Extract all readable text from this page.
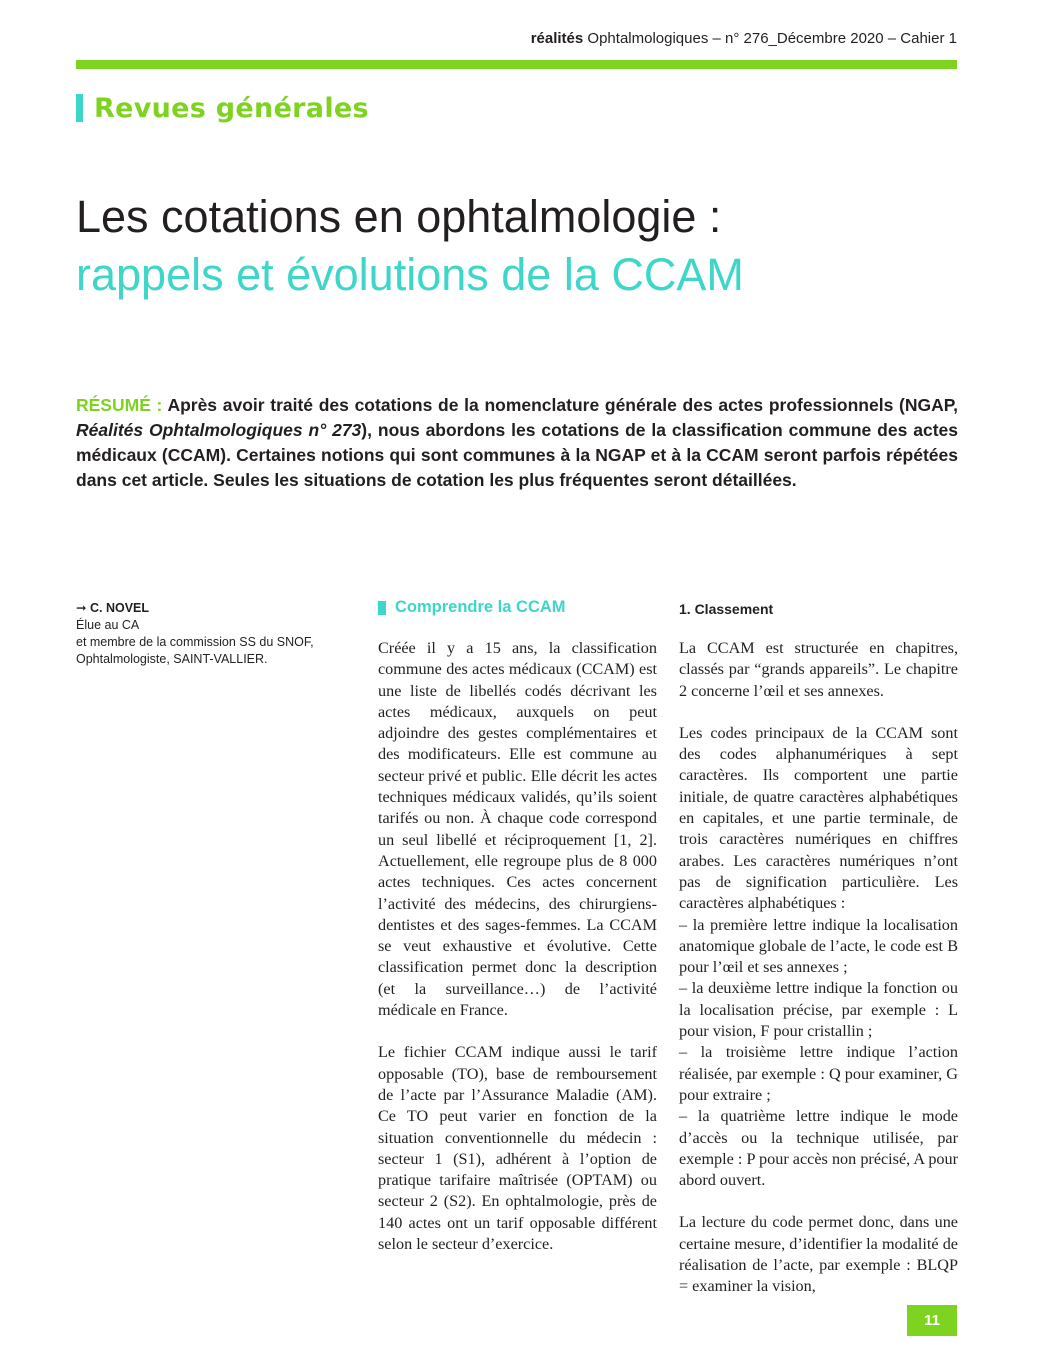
réalités Ophtalmologiques – n° 276_Décembre 2020 – Cahier 1
Revues générales
Les cotations en ophtalmologie :
rappels et évolutions de la CCAM
RÉSUMÉ : Après avoir traité des cotations de la nomenclature générale des actes professionnels (NGAP, Réalités Ophtalmologiques n° 273), nous abordons les cotations de la classification commune des actes médicaux (CCAM). Certaines notions qui sont communes à la NGAP et à la CCAM seront parfois répétées dans cet article. Seules les situations de cotation les plus fréquentes seront détaillées.
➞ C. NOVEL
Élue au CA
et membre de la commission SS du SNOF,
Ophtalmologiste, SAINT-VALLIER.
Comprendre la CCAM	1. Classement

Créée il y a 15 ans, la classification commune des actes médicaux (CCAM) est une liste de libellés codés décrivant les actes médicaux, auxquels on peut adjoindre des gestes complémentaires et des modificateurs. Elle est commune au secteur privé et public. Elle décrit les actes techniques médicaux validés, qu’ils soient tarifés ou non. À chaque code correspond un seul libellé et réciproquement [1, 2]. Actuellement, elle regroupe plus de 8 000 actes techniques. Ces actes concernent l’activité des médecins, des chirurgiens-dentistes et des sages-femmes. La CCAM se veut exhaustive et évolutive. Cette classification permet donc la description (et la surveillance…) de l’activité médicale en France.

Le fichier CCAM indique aussi le tarif opposable (TO), base de remboursement de l’acte par l’Assurance Maladie (AM). Ce TO peut varier en fonction de la situation conventionnelle du médecin : secteur 1 (S1), adhérent à l’option de pratique tarifaire maîtrisée (OPTAM) ou secteur 2 (S2). En ophtalmologie, près de 140 actes ont un tarif opposable différent selon le secteur d’exercice.

La CCAM est structurée en chapitres, classés par “grands appareils”. Le chapitre 2 concerne l’œil et ses annexes.

Les codes principaux de la CCAM sont des codes alphanumériques à sept caractères. Ils comportent une partie initiale, de quatre caractères alphabétiques en capitales, et une partie terminale, de trois caractères numériques en chiffres arabes. Les caractères numériques n’ont pas de signification particulière. Les caractères alphabétiques :

– la première lettre indique la localisation anatomique globale de l’acte, le code est B pour l’œil et ses annexes ;
– la deuxième lettre indique la fonction ou la localisation précise, par exemple : L pour vision, F pour cristallin ;
– la troisième lettre indique l’action réalisée, par exemple : Q pour examiner, G pour extraire ;
– la quatrième lettre indique le mode d’accès ou la technique utilisée, par exemple : P pour accès non précisé, A pour abord ouvert.

La lecture du code permet donc, dans une certaine mesure, d’identifier la modalité de réalisation de l’acte, par exemple : BLQP = examiner la vision,

11
